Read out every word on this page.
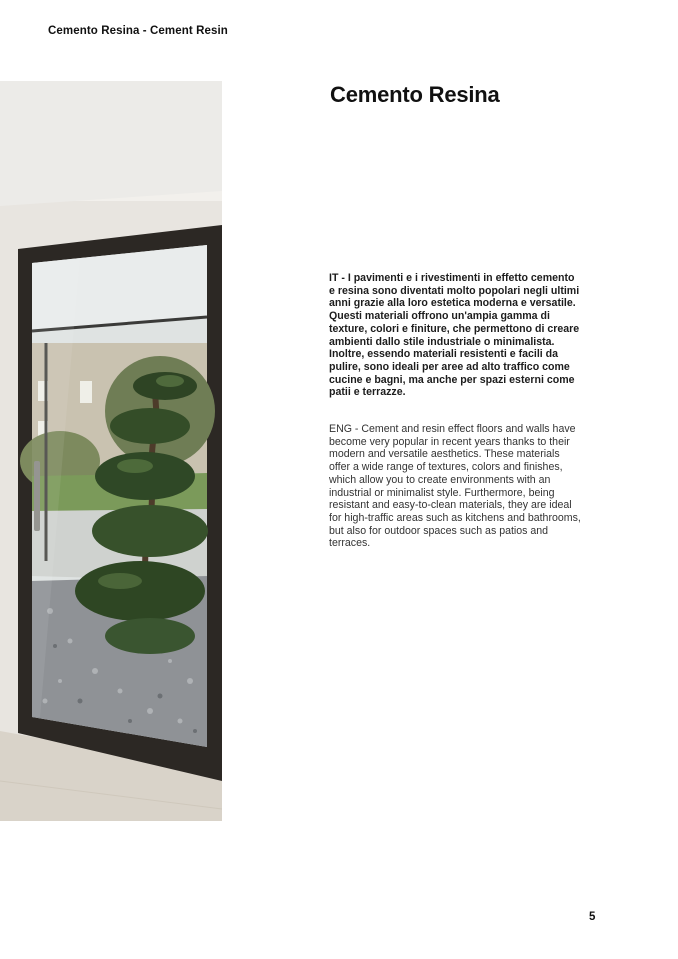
Cemento Resina - Cement Resin
Cemento Resina

IT - I pavimenti e i rivestimenti in effetto cemento e resina sono diventati molto popolari negli ultimi anni grazie alla loro estetica moderna e versatile. Questi materiali offrono un'ampia gamma di texture, colori e finiture, che permettono di creare ambienti dallo stile industriale o minimalista. Inoltre, essendo materiali resistenti e facili da pulire, sono ideali per aree ad alto traffico come cucine e bagni, ma anche per spazi esterni come patii e terrazze.

ENG - Cement and resin effect floors and walls have become very popular in recent years thanks to their modern and versatile aesthetics. These materials offer a wide range of textures, colors and finishes, which allow you to create environments with an industrial or minimalist style. Furthermore, being resistant and easy-to-clean materials, they are ideal for high-traffic areas such as kitchens and bathrooms, but also for outdoor spaces such as patios and terraces.

5
